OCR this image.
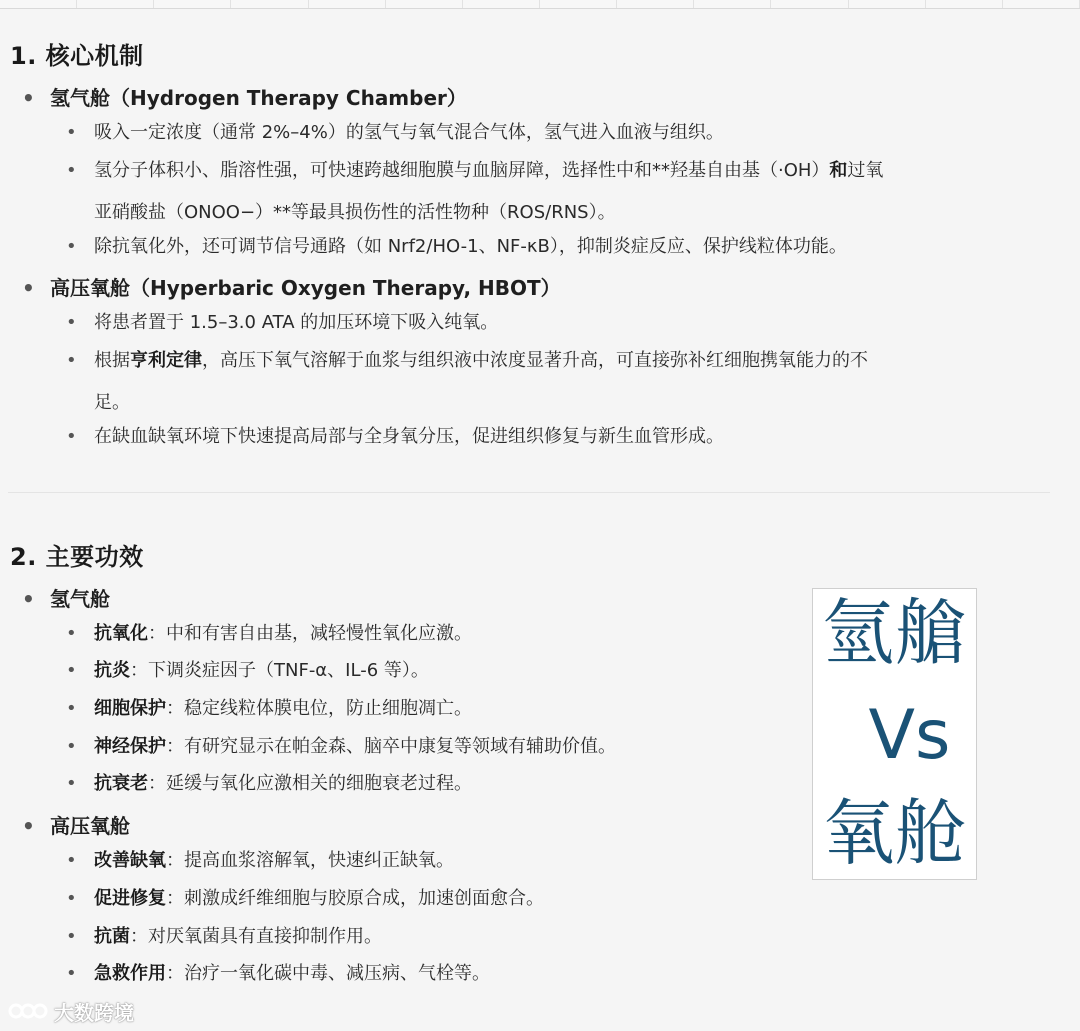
1. 核心机制
• 氢气舱（Hydrogen Therapy Chamber）
• 吸入一定浓度（通常 2%–4%）的氢气与氧气混合气体，氢气进入血液与组织。
• 氢分子体积小、脂溶性强，可快速跨越细胞膜与血脑屏障，选择性中和**羟基自由基（·OH）和过氧
亚硝酸盐（ONOO−）**等最具损伤性的活性物种（ROS/RNS）。
• 除抗氧化外，还可调节信号通路（如 Nrf2/HO-1、NF-κB），抑制炎症反应、保护线粒体功能。
• 高压氧舱（Hyperbaric Oxygen Therapy, HBOT）
• 将患者置于 1.5–3.0 ATA 的加压环境下吸入纯氧。
• 根据亨利定律，高压下氧气溶解于血浆与组织液中浓度显著升高，可直接弥补红细胞携氧能力的不
足。
• 在缺血缺氧环境下快速提高局部与全身氧分压，促进组织修复与新生血管形成。
2. 主要功效
• 氢气舱
• 抗氧化：中和有害自由基，减轻慢性氧化应激。
• 抗炎：下调炎症因子（TNF-α、IL-6 等）。
• 细胞保护：稳定线粒体膜电位，防止细胞凋亡。
• 神经保护：有研究显示在帕金森、脑卒中康复等领域有辅助价值。
• 抗衰老：延缓与氧化应激相关的细胞衰老过程。
• 高压氧舱
• 改善缺氧：提高血浆溶解氧，快速纠正缺氧。
• 促进修复：刺激成纤维细胞与胶原合成，加速创面愈合。
• 抗菌：对厌氧菌具有直接抑制作用。
• 急救作用：治疗一氧化碳中毒、减压病、气栓等。
氫艙
Vs
氧舱
大数跨境
